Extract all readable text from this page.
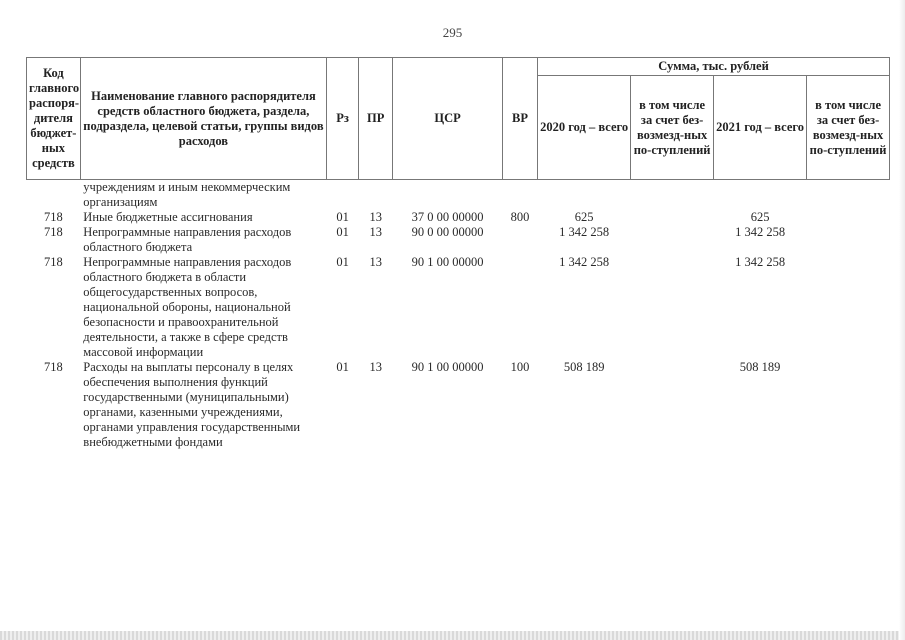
295
Код главного распоря-дителя бюджет-ных средств	Наименование главного распорядителя средств областного бюджета, раздела, подраздела, целевой статьи, группы видов расходов	Рз	ПР	ЦСР	ВР	Сумма, тыс. рублей			
						2020 год – всего	в том числе за счет без-возмезд-ных по-ступлений	2021 год – всего	в том числе за счет без-возмезд-ных по-ступлений
	учреждениям и иным некоммерческим организациям								
718	Иные бюджетные ассигнования	01	13	37 0 00 00000	800	625		625	
718	Непрограммные направления расходов областного бюджета	01	13	90 0 00 00000		1 342 258		1 342 258	
718	Непрограммные направления расходов областного бюджета в области общегосударственных вопросов, национальной обороны, национальной безопасности и правоохранительной деятельности, а также в сфере средств массовой информации	01	13	90 1 00 00000		1 342 258		1 342 258	
718	Расходы на выплаты персоналу в целях обеспечения выполнения функций государственными (муниципальными) органами, казенными учреждениями, органами управления государственными внебюджетными фондами	01	13	90 1 00 00000	100	508 189		508 189	
